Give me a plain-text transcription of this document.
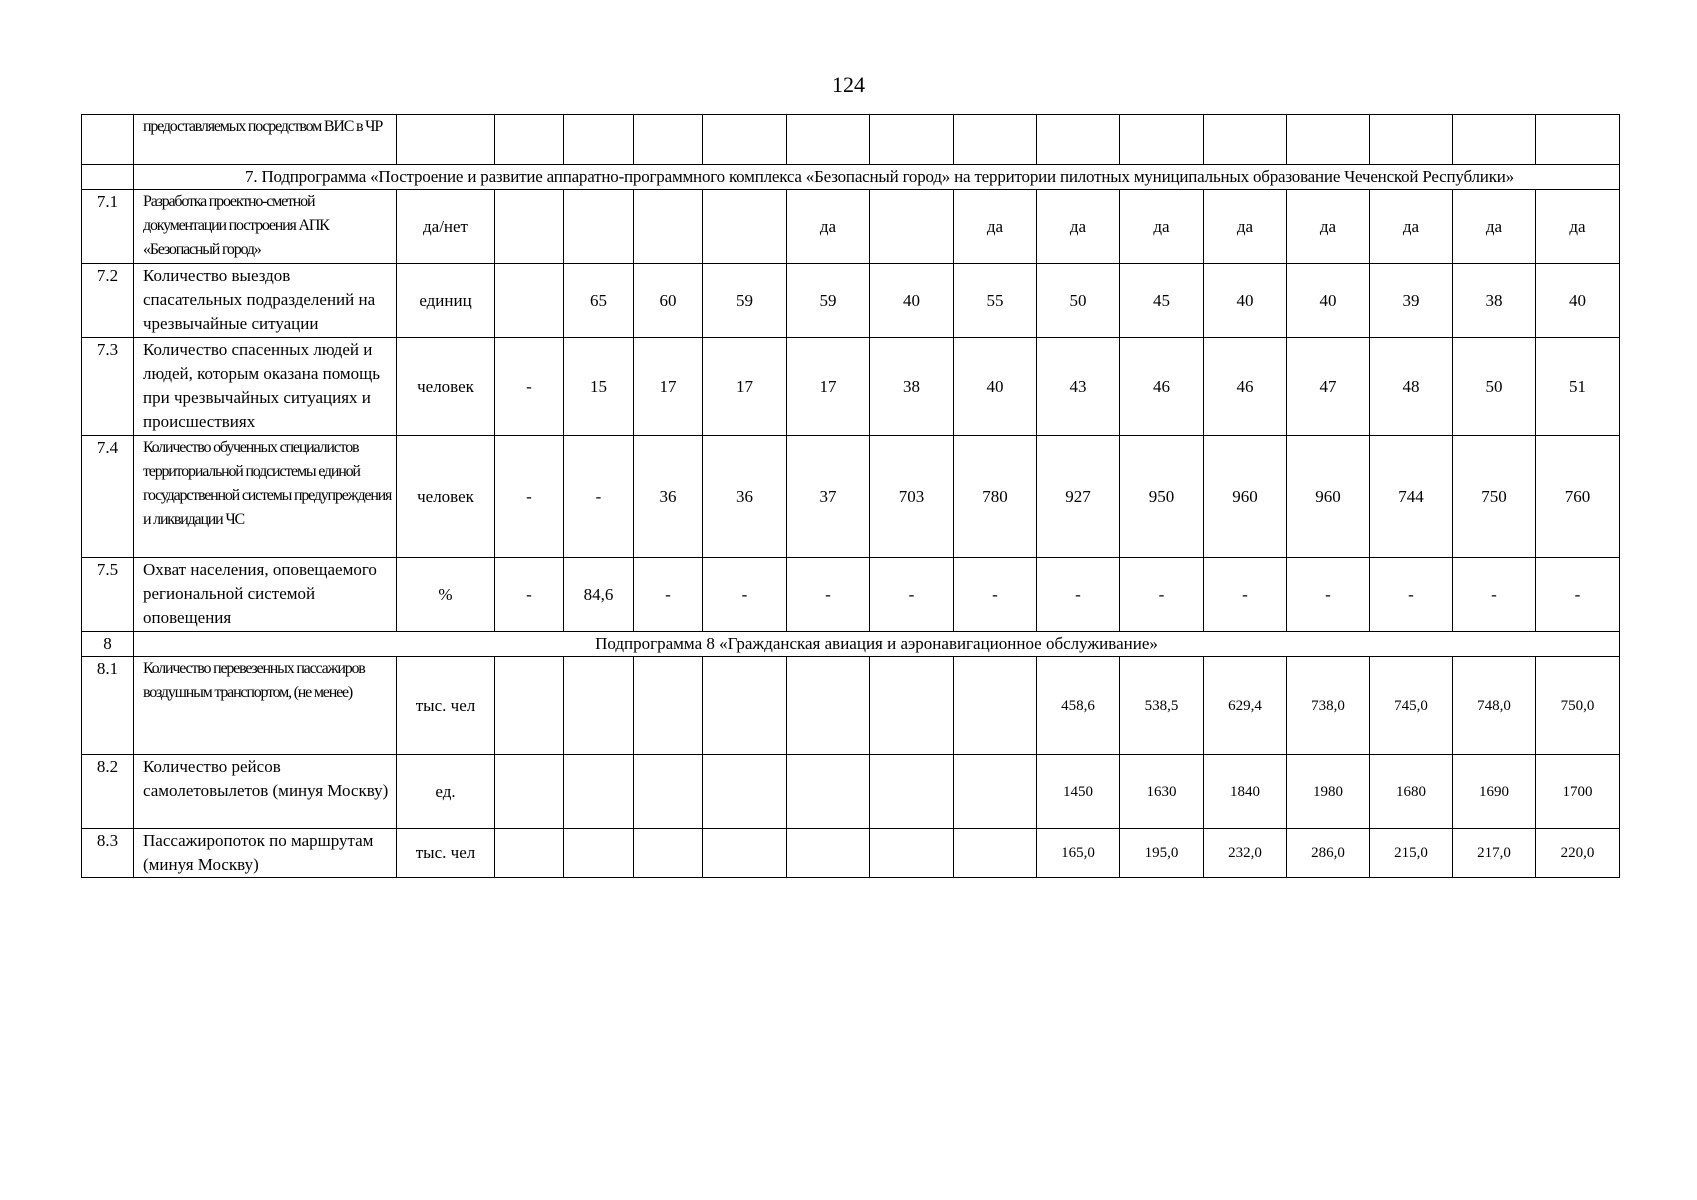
124
	предоставляемых посредством ВИС в ЧР															
	7. Подпрограмма «Построение и развитие аппаратно-программного комплекса «Безопасный город» на территории пилотных муниципальных образование Чеченской Республики»															
7.1	Разработка проектно-сметной документации построения АПК «Безопасный город»	да/нет					да		да	да	да	да	да	да	да	да
7.2	Количество выездов спасательных подразделений на чрезвычайные ситуации	единиц		65	60	59	59	40	55	50	45	40	40	39	38	40
7.3	Количество спасенных людей и людей, которым оказана помощь при чрезвычайных ситуациях и происшествиях	человек	-	15	17	17	17	38	40	43	46	46	47	48	50	51
7.4	Количество обученных специалистов территориальной подсистемы единой государственной системы предупреждения и ликвидации ЧС	человек	-	-	36	36	37	703	780	927	950	960	960	744	750	760
7.5	Охват населения, оповещаемого региональной системой оповещения	%	-	84,6	-	-	-	-	-	-	-	-	-	-	-	-
8	Подпрограмма 8 «Гражданская авиация и аэронавигационное обслуживание»															
8.1	Количество перевезенных пассажиров воздушным транспортом, (не менее)	тыс. чел								458,6	538,5	629,4	738,0	745,0	748,0	750,0
8.2	Количество рейсов самолетовылетов (минуя Москву)	ед.								1450	1630	1840	1980	1680	1690	1700
8.3	Пассажиропоток по маршрутам (минуя Москву)	тыс. чел								165,0	195,0	232,0	286,0	215,0	217,0	220,0
